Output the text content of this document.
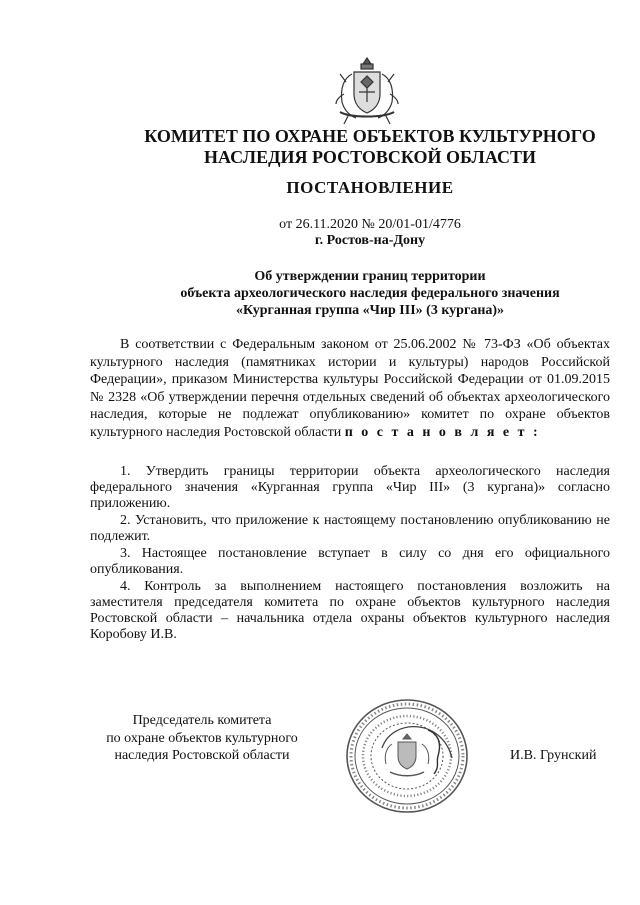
КОМИТЕТ ПО ОХРАНЕ ОБЪЕКТОВ КУЛЬТУРНОГО
НАСЛЕДИЯ РОСТОВСКОЙ ОБЛАСТИ
ПОСТАНОВЛЕНИЕ
от 26.11.2020 № 20/01-01/4776
г. Ростов-на-Дону
Об утверждении границ территории
объекта археологического наследия федерального значения
«Курганная группа «Чир III» (3 кургана)»

В соответствии с Федеральным законом от 25.06.2002 № 73-ФЗ «Об объектах культурного наследия (памятниках истории и культуры) народов Российской Федерации», приказом Министерства культуры Российской Федерации от 01.09.2015 № 2328 «Об утверждении перечня отдельных сведений об объектах археологического наследия, которые не подлежат опубликованию» комитет по охране объектов культурного наследия Ростовской области п о с т а н о в л я е т :

1. Утвердить границы территории объекта археологического наследия федерального значения «Курганная группа «Чир III» (3 кургана)» согласно приложению.

2. Установить, что приложение к настоящему постановлению опубликованию не подлежит.

3. Настоящее постановление вступает в силу со дня его официального опубликования.

4. Контроль за выполнением настоящего постановления возложить на заместителя председателя комитета по охране объектов культурного наследия Ростовской области – начальника отдела охраны объектов культурного наследия Коробову И.В.

Председатель комитета
по охране объектов культурного
наследия Ростовской области	И.В. Грунский
